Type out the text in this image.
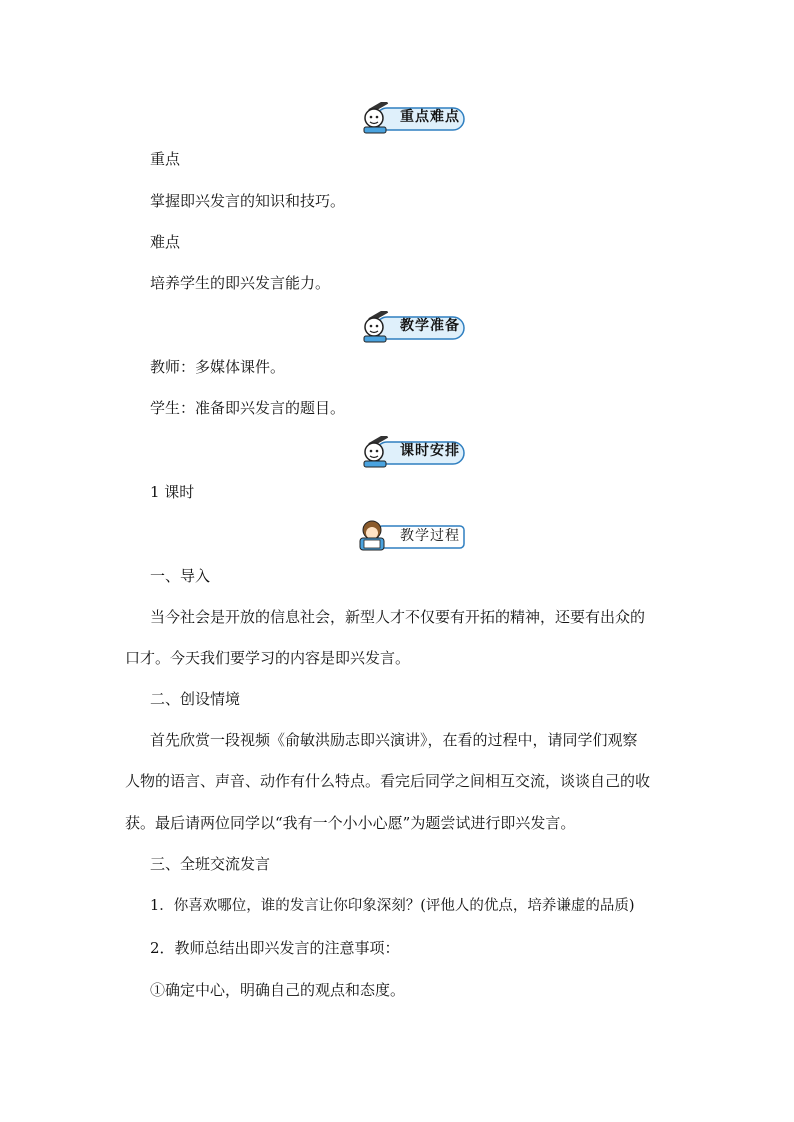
重点难点
重点
掌握即兴发言的知识和技巧。
难点
培养学生的即兴发言能力。
教学准备
教师：多媒体课件。
学生：准备即兴发言的题目。
课时安排
1 课时
教学过程
一、导入
当今社会是开放的信息社会，新型人才不仅要有开拓的精神，还要有出众的
口才。今天我们要学习的内容是即兴发言。
二、创设情境
首先欣赏一段视频《俞敏洪励志即兴演讲》，在看的过程中，请同学们观察
人物的语言、声音、动作有什么特点。看完后同学之间相互交流，谈谈自己的收
获。最后请两位同学以“我有一个小小心愿”为题尝试进行即兴发言。
三、全班交流发言
1．你喜欢哪位，谁的发言让你印象深刻？(评他人的优点，培养谦虚的品质)
2．教师总结出即兴发言的注意事项：
①确定中心，明确自己的观点和态度。
